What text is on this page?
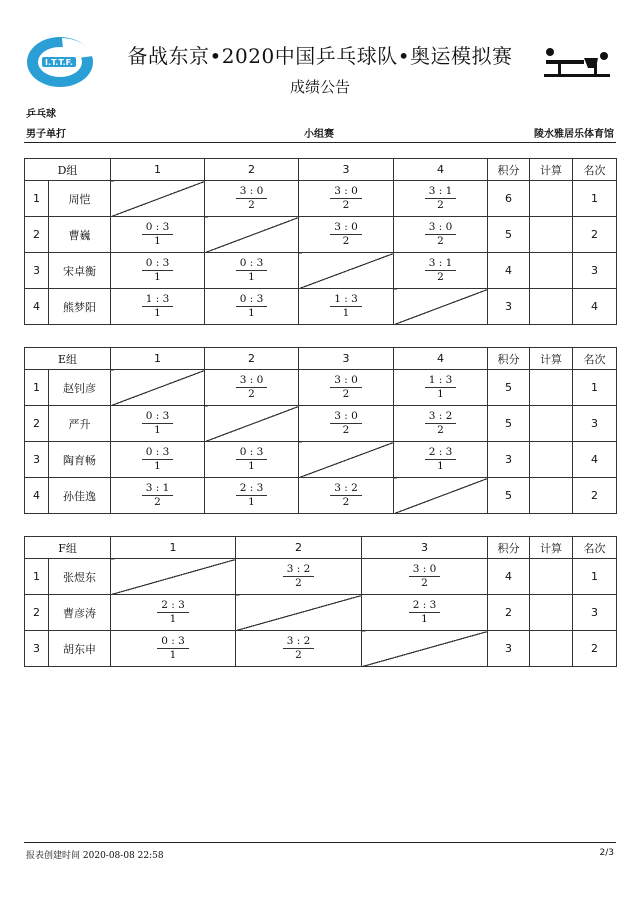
I.T.T.F.	备战东京•2020中国乒乓球队•奥运模拟赛
成绩公告
乒乓球
男子单打	小组赛	陵水雅居乐体育馆
D组		1	2	3	4	积分	计算	名次
1	周恺		$\frac{3 : 0}{2}$	$\frac{3 : 0}{2}$	$\frac{3 : 1}{2}$	6		1
2	曹巍	$\frac{0 : 3}{1}$		$\frac{3 : 0}{2}$	$\frac{3 : 0}{2}$	5		2
3	宋卓衡	$\frac{0 : 3}{1}$	$\frac{0 : 3}{1}$		$\frac{3 : 1}{2}$	4		3
4	熊梦阳	$\frac{1 : 3}{1}$	$\frac{0 : 3}{1}$	$\frac{1 : 3}{1}$		3		4
E组		1	2	3	4	积分	计算	名次
1	赵钊彦		$\frac{3 : 0}{2}$	$\frac{3 : 0}{2}$	$\frac{1 : 3}{1}$	5		1
2	严升	$\frac{0 : 3}{1}$		$\frac{3 : 0}{2}$	$\frac{3 : 2}{2}$	5		3
3	陶育畅	$\frac{0 : 3}{1}$	$\frac{0 : 3}{1}$		$\frac{2 : 3}{1}$	3		4
4	孙佳逸	$\frac{3 : 1}{2}$	$\frac{2 : 3}{1}$	$\frac{3 : 2}{2}$		5		2
F组		1	2	3	积分	计算	名次
1	张煜东		$\frac{3 : 2}{2}$	$\frac{3 : 0}{2}$	4		1
2	曹彦涛	$\frac{2 : 3}{1}$		$\frac{2 : 3}{1}$	2		3
3	胡东申	$\frac{0 : 3}{1}$	$\frac{3 : 2}{2}$		3		2
报表创建时间 2020-08-08 22:58	2/3
